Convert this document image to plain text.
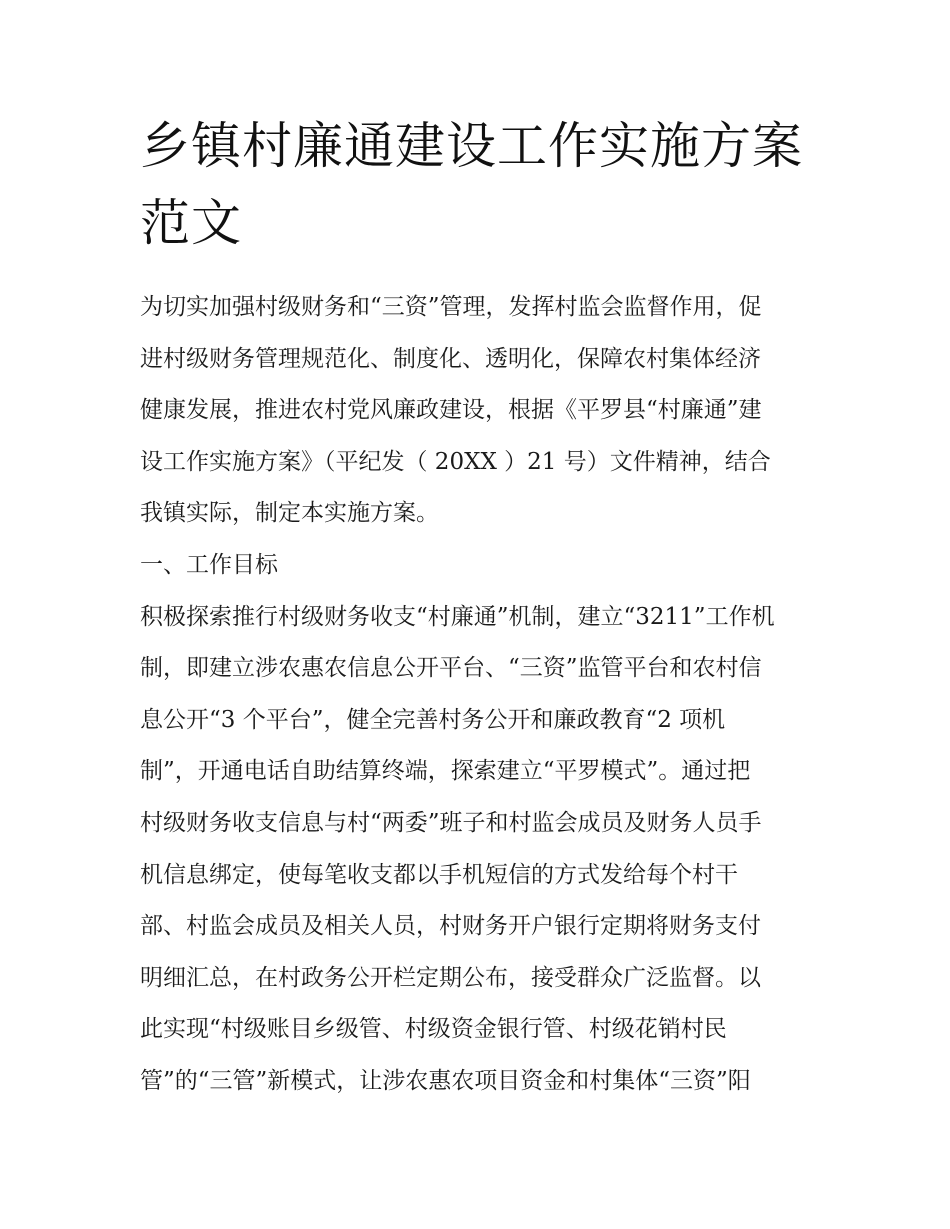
乡镇村廉通建设工作实施方案
范文

为切实加强村级财务和“三资”管理，发挥村监会监督作用，促
进村级财务管理规范化、制度化、透明化，保障农村集体经济
健康发展，推进农村党风廉政建设，根据《平罗县“村廉通”建
设工作实施方案》（平纪发（ 20XX ）21 号）文件精神，结合
我镇实际，制定本实施方案。

一、工作目标

积极探索推行村级财务收支“村廉通”机制，建立“3211”工作机
制，即建立涉农惠农信息公开平台、“三资”监管平台和农村信
息公开“3 个平台”，健全完善村务公开和廉政教育“2 项机
制”，开通电话自助结算终端，探索建立“平罗模式”。通过把
村级财务收支信息与村“两委”班子和村监会成员及财务人员手
机信息绑定，使每笔收支都以手机短信的方式发给每个村干
部、村监会成员及相关人员，村财务开户银行定期将财务支付
明细汇总，在村政务公开栏定期公布，接受群众广泛监督。以
此实现“村级账目乡级管、村级资金银行管、村级花销村民
管”的“三管”新模式，让涉农惠农项目资金和村集体“三资”阳
